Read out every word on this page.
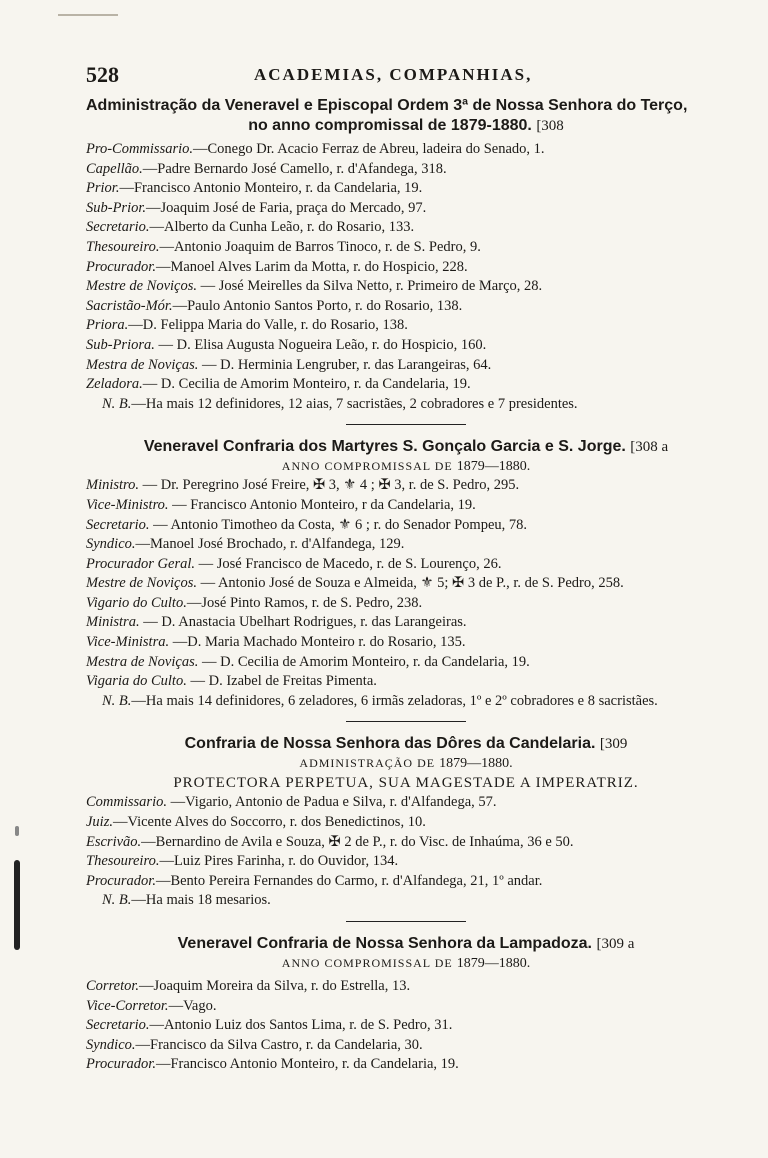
528	ACADEMIAS, COMPANHIAS,
Administração da Veneravel e Episcopal Ordem 3ª de Nossa Senhora do Terço,
no anno compromissal de 1879-1880. [308
Pro-Commissario.—Conego Dr. Acacio Ferraz de Abreu, ladeira do Senado, 1.
Capellão.—Padre Bernardo José Camello, r. d'Afandega, 318.
Prior.—Francisco Antonio Monteiro, r. da Candelaria, 19.
Sub-Prior.—Joaquim José de Faria, praça do Mercado, 97.
Secretario.—Alberto da Cunha Leão, r. do Rosario, 133.
Thesoureiro.—Antonio Joaquim de Barros Tinoco, r. de S. Pedro, 9.
Procurador.—Manoel Alves Larim da Motta, r. do Hospicio, 228.
Mestre de Noviços. — José Meirelles da Silva Netto, r. Primeiro de Março, 28.
Sacristão-Mór.—Paulo Antonio Santos Porto, r. do Rosario, 138.
Priora.—D. Felippa Maria do Valle, r. do Rosario, 138.
Sub-Priora. — D. Elisa Augusta Nogueira Leão, r. do Hospicio, 160.
Mestra de Noviças. — D. Herminia Lengruber, r. das Larangeiras, 64.
Zeladora.— D. Cecilia de Amorim Monteiro, r. da Candelaria, 19.
N. B.—Ha mais 12 definidores, 12 aias, 7 sacristães, 2 cobradores e 7 presidentes.
Veneravel Confraria dos Martyres S. Gonçalo Garcia e S. Jorge. [308 a
ANNO COMPROMISSAL DE 1879—1880.
Ministro. — Dr. Peregrino José Freire, ✠ 3, ⚜ 4 ; ✠ 3, r. de S. Pedro, 295.
Vice-Ministro. — Francisco Antonio Monteiro, r da Candelaria, 19.
Secretario. — Antonio Timotheo da Costa, ⚜ 6 ; r. do Senador Pompeu, 78.
Syndico.—Manoel José Brochado, r. d'Alfandega, 129.
Procurador Geral. — José Francisco de Macedo, r. de S. Lourenço, 26.
Mestre de Noviços. — Antonio José de Souza e Almeida, ⚜ 5; ✠ 3 de P., r. de S. Pedro, 258.
Vigario do Culto.—José Pinto Ramos, r. de S. Pedro, 238.
Ministra. — D. Anastacia Ubelhart Rodrigues, r. das Larangeiras.
Vice-Ministra. —D. Maria Machado Monteiro r. do Rosario, 135.
Mestra de Noviças. — D. Cecilia de Amorim Monteiro, r. da Candelaria, 19.
Vigaria do Culto. — D. Izabel de Freitas Pimenta.
N. B.—Ha mais 14 definidores, 6 zeladores, 6 irmãs zeladoras, 1º e 2º cobradores e 8 sacristães.
Confraria de Nossa Senhora das Dôres da Candelaria. [309
ADMINISTRAÇÃO DE 1879—1880.
PROTECTORA PERPETUA, SUA MAGESTADE A IMPERATRIZ.
Commissario. —Vigario, Antonio de Padua e Silva, r. d'Alfandega, 57.
Juiz.—Vicente Alves do Soccorro, r. dos Benedictinos, 10.
Escrivão.—Bernardino de Avila e Souza, ✠ 2 de P., r. do Visc. de Inhaúma, 36 e 50.
Thesoureiro.—Luiz Pires Farinha, r. do Ouvidor, 134.
Procurador.—Bento Pereira Fernandes do Carmo, r. d'Alfandega, 21, 1º andar.
N. B.—Ha mais 18 mesarios.
Veneravel Confraria de Nossa Senhora da Lampadoza. [309 a
ANNO COMPROMISSAL DE 1879—1880.
Corretor.—Joaquim Moreira da Silva, r. do Estrella, 13.
Vice-Corretor.—Vago.
Secretario.—Antonio Luiz dos Santos Lima, r. de S. Pedro, 31.
Syndico.—Francisco da Silva Castro, r. da Candelaria, 30.
Procurador.—Francisco Antonio Monteiro, r. da Candelaria, 19.
